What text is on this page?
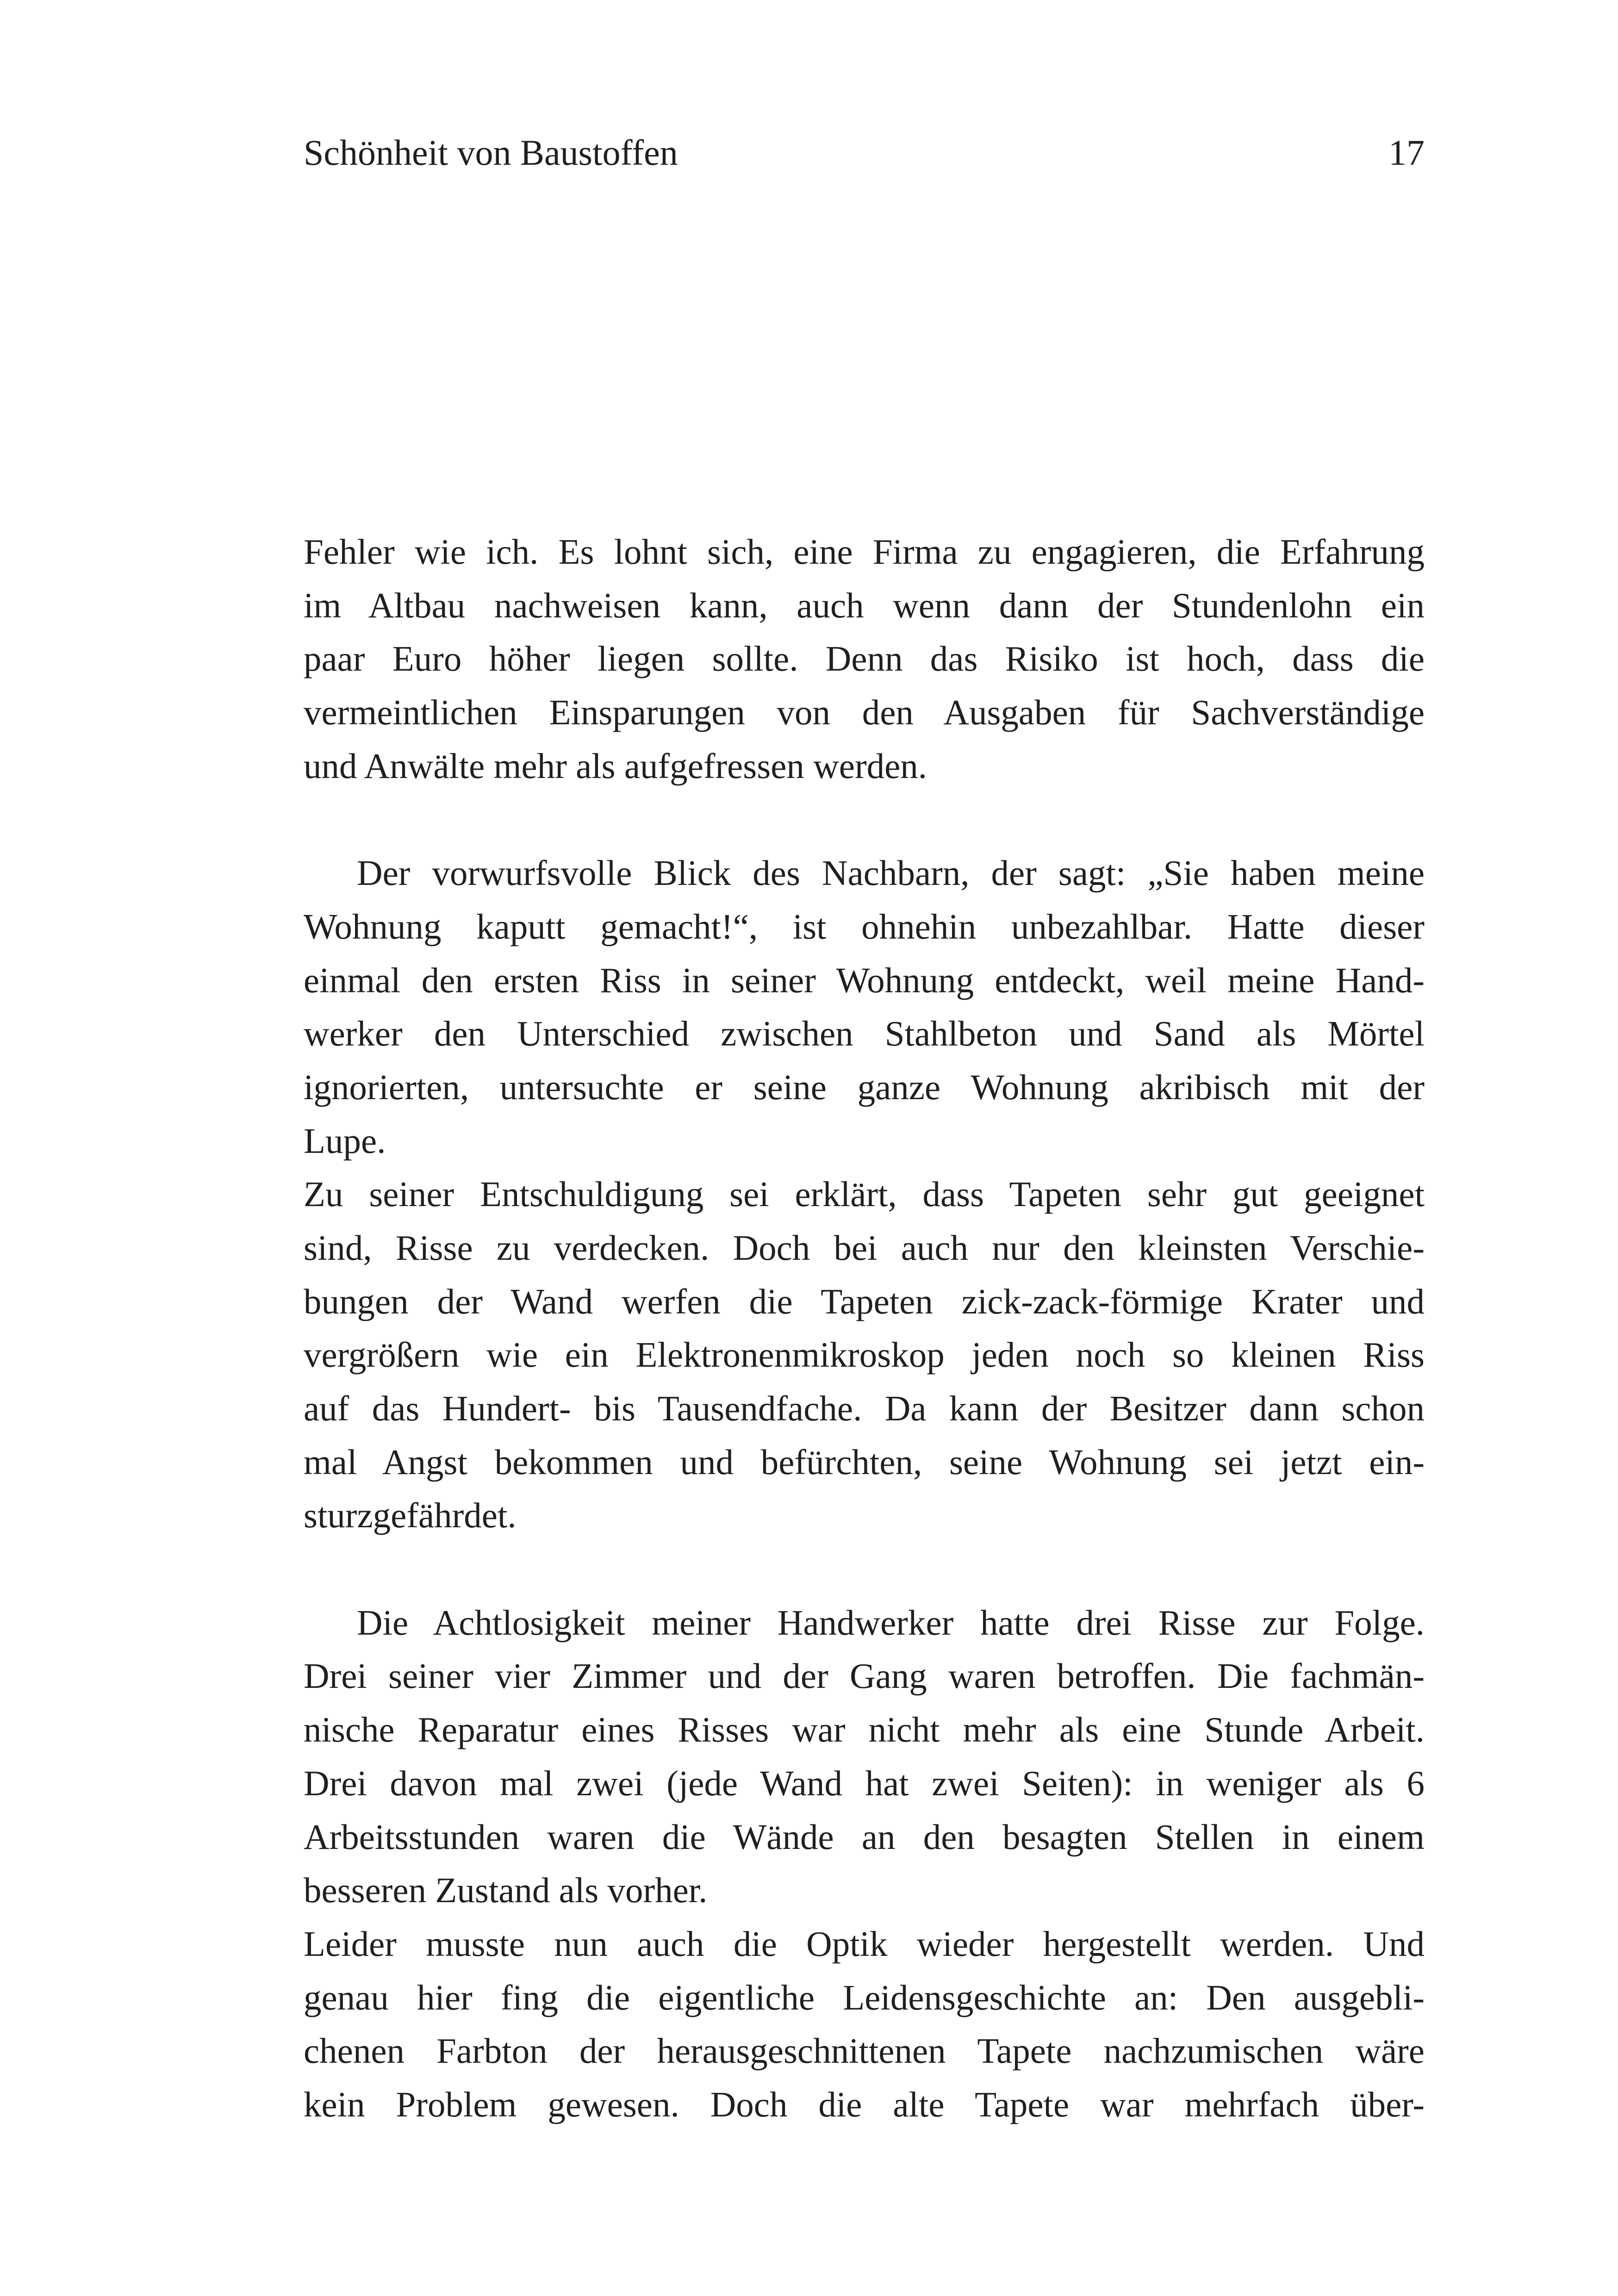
Schönheit von Baustoffen	17
Fehler wie ich. Es lohnt sich, eine Firma zu engagieren, die Erfahrung
im Altbau nachweisen kann, auch wenn dann der Stundenlohn ein
paar Euro höher liegen sollte. Denn das Risiko ist hoch, dass die
vermeintlichen Einsparungen von den Ausgaben für Sachverständige
und Anwälte mehr als aufgefressen werden.
Der vorwurfsvolle Blick des Nachbarn, der sagt: „Sie haben meine
Wohnung kaputt gemacht!“, ist ohnehin unbezahlbar. Hatte dieser
einmal den ersten Riss in seiner Wohnung entdeckt, weil meine Hand-
werker den Unterschied zwischen Stahlbeton und Sand als Mörtel
ignorierten, untersuchte er seine ganze Wohnung akribisch mit der
Lupe.
Zu seiner Entschuldigung sei erklärt, dass Tapeten sehr gut geeignet
sind, Risse zu verdecken. Doch bei auch nur den kleinsten Verschie-
bungen der Wand werfen die Tapeten zick-zack-förmige Krater und
vergrößern wie ein Elektronenmikroskop jeden noch so kleinen Riss
auf das Hundert- bis Tausendfache. Da kann der Besitzer dann schon
mal Angst bekommen und befürchten, seine Wohnung sei jetzt ein-
sturzgefährdet.
Die Achtlosigkeit meiner Handwerker hatte drei Risse zur Folge.
Drei seiner vier Zimmer und der Gang waren betroffen. Die fachmän-
nische Reparatur eines Risses war nicht mehr als eine Stunde Arbeit.
Drei davon mal zwei (jede Wand hat zwei Seiten): in weniger als 6
Arbeitsstunden waren die Wände an den besagten Stellen in einem
besseren Zustand als vorher.
Leider musste nun auch die Optik wieder hergestellt werden. Und
genau hier fing die eigentliche Leidensgeschichte an: Den ausgebli-
chenen Farbton der herausgeschnittenen Tapete nachzumischen wäre
kein Problem gewesen. Doch die alte Tapete war mehrfach über-
